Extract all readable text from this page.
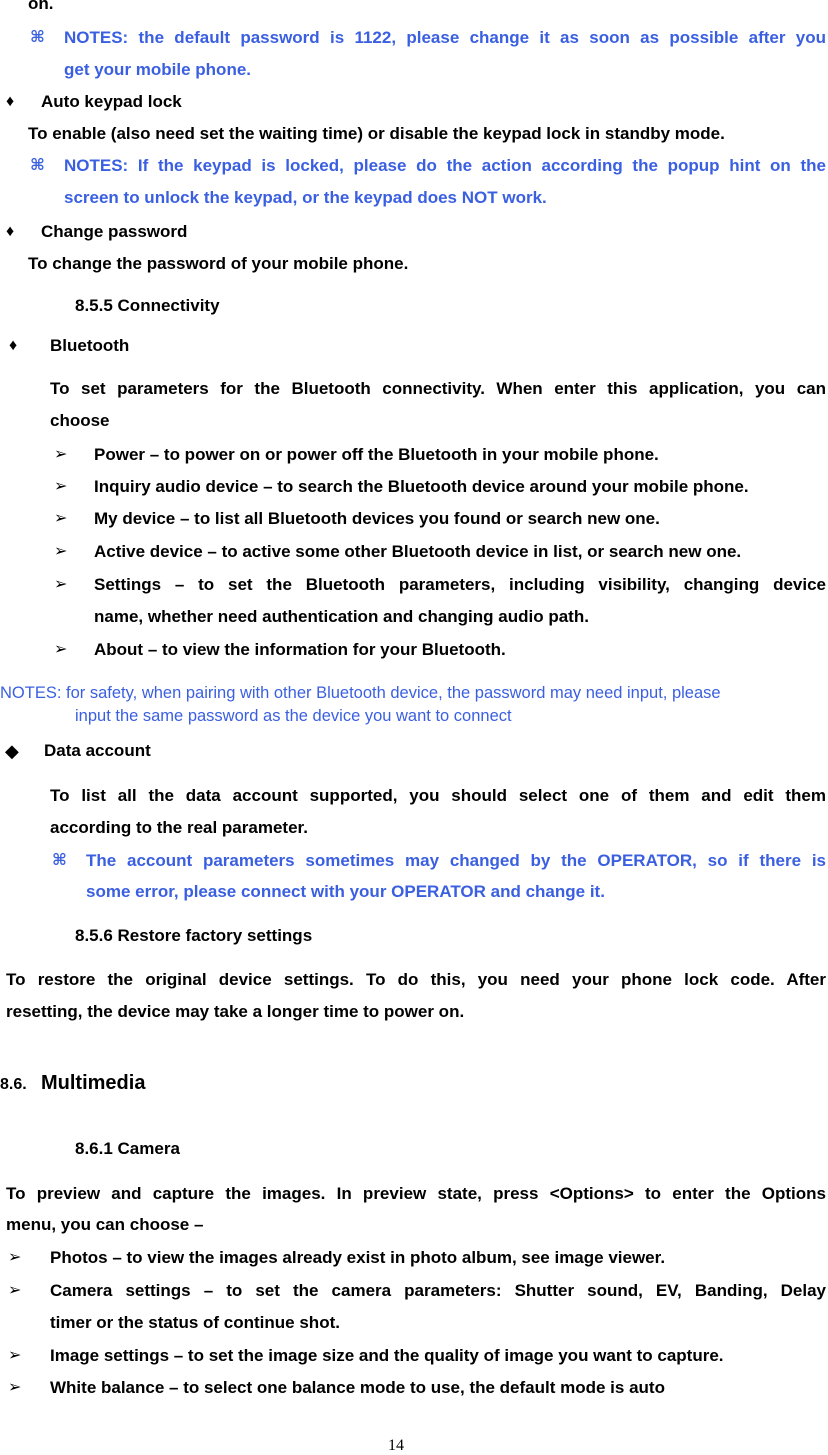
on.
⌘ NOTES: the default password is 1122, please change it as soon as possible after you
get your mobile phone.
♦ Auto keypad lock
To enable (also need set the waiting time) or disable the keypad lock in standby mode.
⌘ NOTES: If the keypad is locked, please do the action according the popup hint on the
screen to unlock the keypad, or the keypad does NOT work.
♦ Change password
To change the password of your mobile phone.
8.5.5 Connectivity
♦ Bluetooth
To set parameters for the Bluetooth connectivity. When enter this application, you can
choose
➢ Power – to power on or power off the Bluetooth in your mobile phone.
➢ Inquiry audio device – to search the Bluetooth device around your mobile phone.
➢ My device – to list all Bluetooth devices you found or search new one.
➢ Active device – to active some other Bluetooth device in list, or search new one.
➢ Settings – to set the Bluetooth parameters, including visibility, changing device
name, whether need authentication and changing audio path.
➢ About – to view the information for your Bluetooth.
NOTES: for safety, when pairing with other Bluetooth device, the password may need input, please
input the same password as the device you want to connect
◆ Data account
To list all the data account supported, you should select one of them and edit them
according to the real parameter.
⌘ The account parameters sometimes may changed by the OPERATOR, so if there is
some error, please connect with your OPERATOR and change it.
8.5.6 Restore factory settings
To restore the original device settings. To do this, you need your phone lock code. After
resetting, the device may take a longer time to power on.
8.6. Multimedia
8.6.1 Camera
To preview and capture the images. In preview state, press <Options> to enter the Options
menu, you can choose –
➢ Photos – to view the images already exist in photo album, see image viewer.
➢ Camera settings – to set the camera parameters: Shutter sound, EV, Banding, Delay
timer or the status of continue shot.
➢ Image settings – to set the image size and the quality of image you want to capture.
➢ White balance – to select one balance mode to use, the default mode is auto
14
